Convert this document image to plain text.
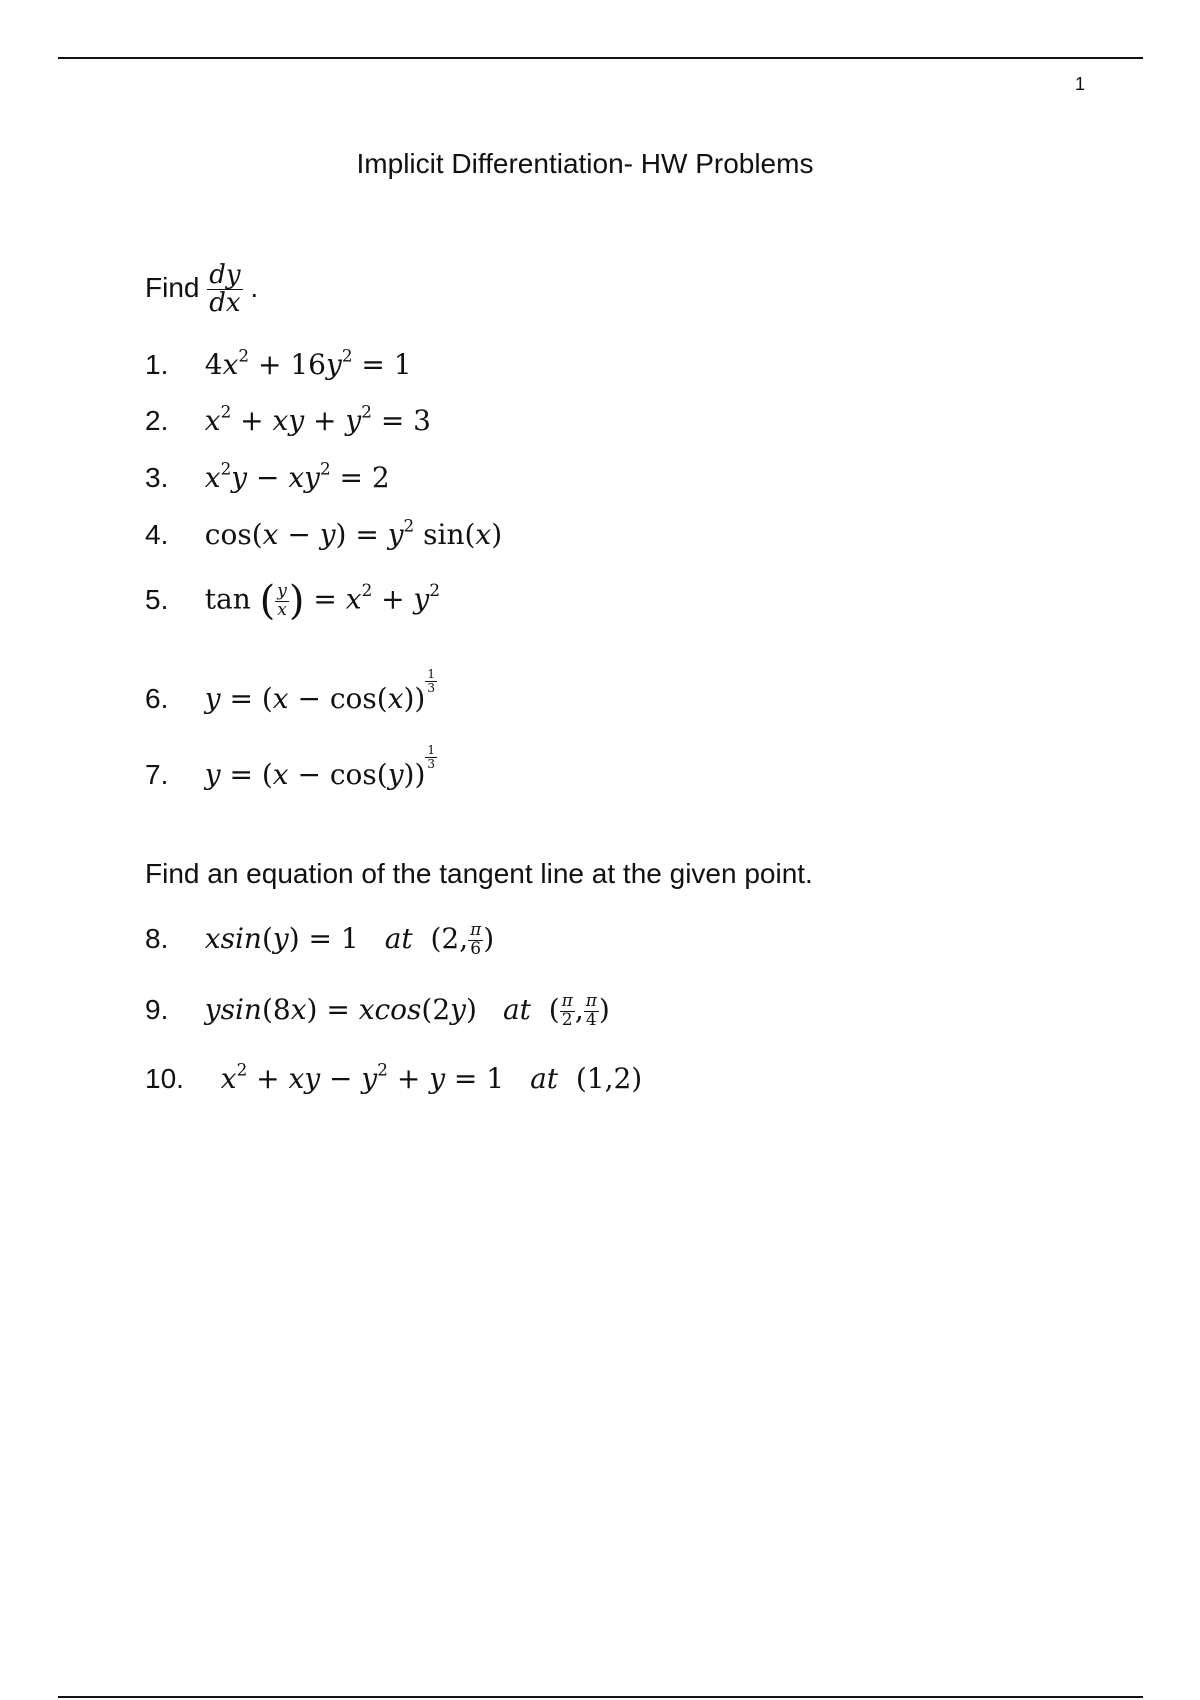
1
Implicit Differentiation- HW Problems
Find $\frac{dy}{dx}$ .
1. $4x^2 + 16y^2 = 1$
2. $x^2$ + xy + $y^2 = 3$
3. $x^2y - xy^2 = 2$
4. $\cos(x - y) = y^2$ sin(x)
5. tan ( $\frac{y}{x}$ ) = $x^2 + y^2$
6. y = (x − cos(x))
$^{\frac{1}{3}}$
7. y = (x − cos(y))
$^{\frac{1}{3}}$
Find an equation of the tangent line at the given point.
8. xsin(y) = 1 at  (2, $\frac{\pi}{6}$ )
9. ysin(8x) = xcos(2y) at  ( $\frac{\pi}{2}$ , $\frac{\pi}{4}$ )
10. $x^2$ + xy − $y^2 + y = 1$ at  (1,2)
